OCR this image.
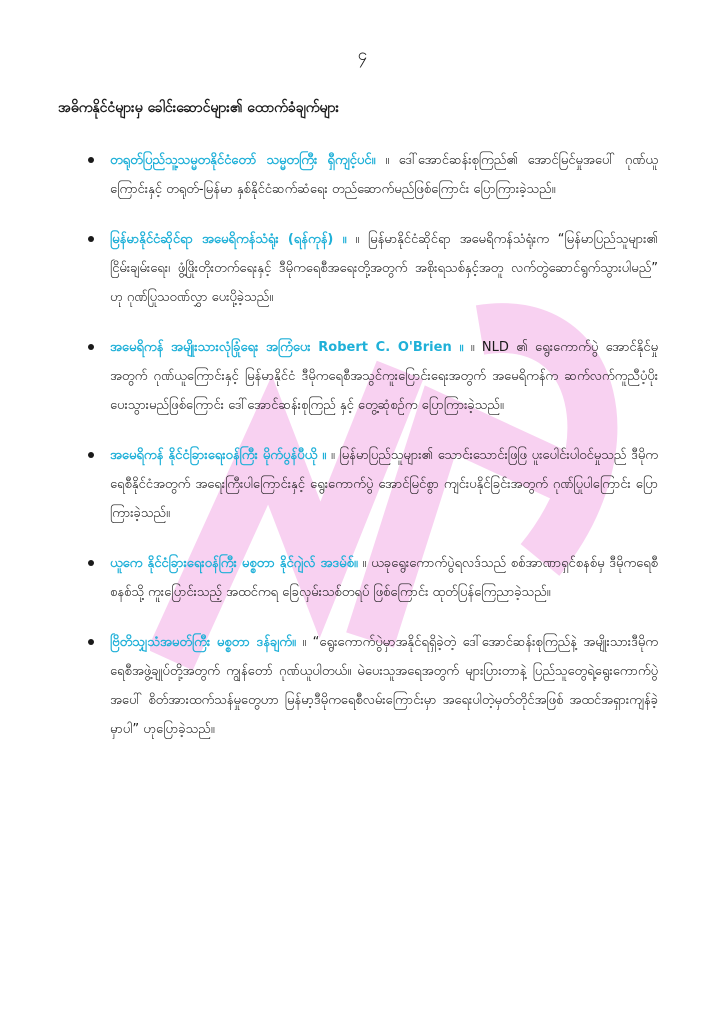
၄
အဓိကနိုင်ငံများမှ ခေါင်းဆောင်များ၏ ထောက်ခံချက်များ
တရုတ်ပြည်သူ့သမ္မတနိုင်ငံတော် သမ္မတကြီး ရှီကျင့်ပင်။ ။ ဒေါ်အောင်ဆန်းစုကြည်၏ အောင်မြင်မှုအပေါ် ဂုဏ်ယူကြောင်းနှင့် တရုတ်-မြန်မာ နှစ်နိုင်ငံဆက်ဆံရေး တည်ဆောက်မည်ဖြစ်ကြောင်း ပြောကြားခဲ့သည်။
မြန်မာနိုင်ငံဆိုင်ရာ အမေရိကန်သံရုံး (ရန်ကုန်) ။ ။ မြန်မာနိုင်ငံဆိုင်ရာ အမေရိကန်သံရုံးက “မြန်မာပြည်သူများ၏ ငြိမ်းချမ်းရေး၊ ဖွံ့ဖြိုးတိုးတက်ရေးနှင့် ဒီမိုကရေစီအရေးတို့အတွက် အစိုးရသစ်နှင့်အတူ လက်တွဲဆောင်ရွက်သွားပါမည်” ဟု ဂုဏ်ပြုသဝဏ်လွှာ ပေးပို့ခဲ့သည်။
အမေရိကန် အမျိုးသားလုံခြုံရေး အကြံပေး Robert C. O'Brien ။ ။ NLD ၏ ရွေးကောက်ပွဲ အောင်နိုင်မှုအတွက် ဂုဏ်ယူကြောင်းနှင့် မြန်မာနိုင်ငံ ဒီမိုကရေစီအသွင်ကူးပြောင်းရေးအတွက် အမေရိကန်က ဆက်လက်ကူညီပံ့ပိုးပေးသွားမည်ဖြစ်ကြောင်း ဒေါ်အောင်ဆန်းစုကြည် နှင့် တွေ့ဆုံစဉ်က ပြောကြားခဲ့သည်။
အမေရိကန် နိုင်ငံခြားရေးဝန်ကြီး မိုက်ပွန်ပီယို ။ ။ မြန်မာပြည်သူများ၏ သောင်းသောင်းဖြဖြ ပူးပေါင်းပါဝင်မှုသည် ဒီမိုကရေစီနိုင်ငံအတွက် အရေးကြီးပါကြောင်းနှင့် ရွေးကောက်ပွဲ အောင်မြင်စွာ ကျင်းပနိုင်ခြင်းအတွက် ဂုဏ်ပြုပါကြောင်း ပြောကြားခဲ့သည်။
ယူကေ နိုင်ငံခြားရေးဝန်ကြီး မစ္စတာ နိုင်ဂျဲလ် အဒမ်စ်။ ။ ယခုရွေးကောက်ပွဲရလဒ်သည် စစ်အာဏာရှင်စနစ်မှ ဒီမိုကရေစီစနစ်သို့ ကူးပြောင်းသည့် အထင်ကရ ခြေလှမ်းသစ်တရပ် ဖြစ်ကြောင်း ထုတ်ပြန်ကြေညာခဲ့သည်။
ဗြိတိသျှသံအမတ်ကြီး မစ္စတာ ဒန်ချက်။ ။ “ရွေးကောက်ပွဲမှာအနိုင်ရရှိခဲ့တဲ့ ဒေါ်အောင်ဆန်းစုကြည်နဲ့ အမျိုးသားဒီမိုကရေစီအဖွဲ့ချုပ်တို့အတွက် ကျွန်တော် ဂုဏ်ယူပါတယ်။ မဲပေးသူအရေအတွက် များပြားတာနဲ့ ပြည်သူတွေရဲ့ရွေးကောက်ပွဲအပေါ် စိတ်အားထက်သန်မှုတွေဟာ မြန်မာ့ဒီမိုကရေစီလမ်းကြောင်းမှာ အရေးပါတဲ့မှတ်တိုင်အဖြစ် အထင်အရှားကျန်ခဲ့မှာပါ” ဟုပြောခဲ့သည်။
